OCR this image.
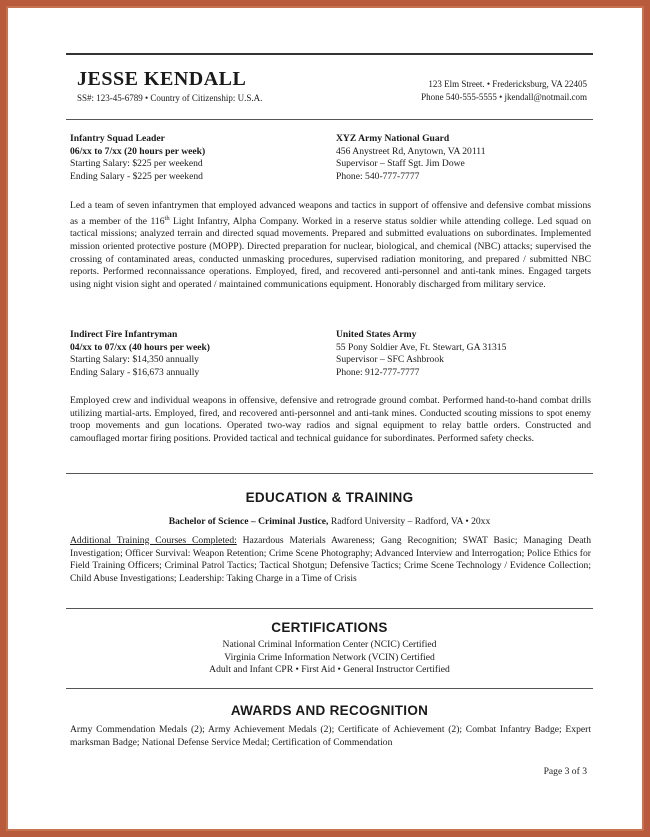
JESSE KENDALL
SS#: 123-45-6789 • Country of Citizenship: U.S.A.
123 Elm Street. • Fredericksburg, VA 22405
Phone 540-555-5555 • jkendall@notmail.com
Infantry Squad Leader
06/xx to 7/xx (20 hours per week)
Starting Salary: $225 per weekend
Ending Salary - $225 per weekend
XYZ Army National Guard
456 Anystreet Rd, Anytown, VA 20111
Supervisor – Staff Sgt. Jim Dowe
Phone: 540-777-7777
Led a team of seven infantrymen that employed advanced weapons and tactics in support of offensive and defensive combat missions as a member of the 116th Light Infantry, Alpha Company. Worked in a reserve status soldier while attending college. Led squad on tactical missions; analyzed terrain and directed squad movements. Prepared and submitted evaluations on subordinates. Implemented mission oriented protective posture (MOPP). Directed preparation for nuclear, biological, and chemical (NBC) attacks; supervised the crossing of contaminated areas, conducted unmasking procedures, supervised radiation monitoring, and prepared / submitted NBC reports. Performed reconnaissance operations. Employed, fired, and recovered anti-personnel and anti-tank mines. Engaged targets using night vision sight and operated / maintained communications equipment. Honorably discharged from military service.
Indirect Fire Infantryman
04/xx to 07/xx (40 hours per week)
Starting Salary: $14,350 annually
Ending Salary - $16,673 annually
United States Army
55 Pony Soldier Ave, Ft. Stewart, GA 31315
Supervisor – SFC Ashbrook
Phone: 912-777-7777
Employed crew and individual weapons in offensive, defensive and retrograde ground combat. Performed hand-to-hand combat drills utilizing martial-arts. Employed, fired, and recovered anti-personnel and anti-tank mines. Conducted scouting missions to spot enemy troop movements and gun locations. Operated two-way radios and signal equipment to relay battle orders. Constructed and camouflaged mortar firing positions. Provided tactical and technical guidance for subordinates. Performed safety checks.
EDUCATION & TRAINING
Bachelor of Science – Criminal Justice, Radford University – Radford, VA • 20xx
Additional Training Courses Completed: Hazardous Materials Awareness; Gang Recognition; SWAT Basic; Managing Death Investigation; Officer Survival: Weapon Retention; Crime Scene Photography; Advanced Interview and Interrogation; Police Ethics for Field Training Officers; Criminal Patrol Tactics; Tactical Shotgun; Defensive Tactics; Crime Scene Technology / Evidence Collection; Child Abuse Investigations; Leadership: Taking Charge in a Time of Crisis
CERTIFICATIONS
National Criminal Information Center (NCIC) Certified
Virginia Crime Information Network (VCIN) Certified
Adult and Infant CPR • First Aid • General Instructor Certified
AWARDS AND RECOGNITION
Army Commendation Medals (2); Army Achievement Medals (2); Certificate of Achievement (2); Combat Infantry Badge; Expert marksman Badge; National Defense Service Medal; Certification of Commendation
Page 3 of 3
